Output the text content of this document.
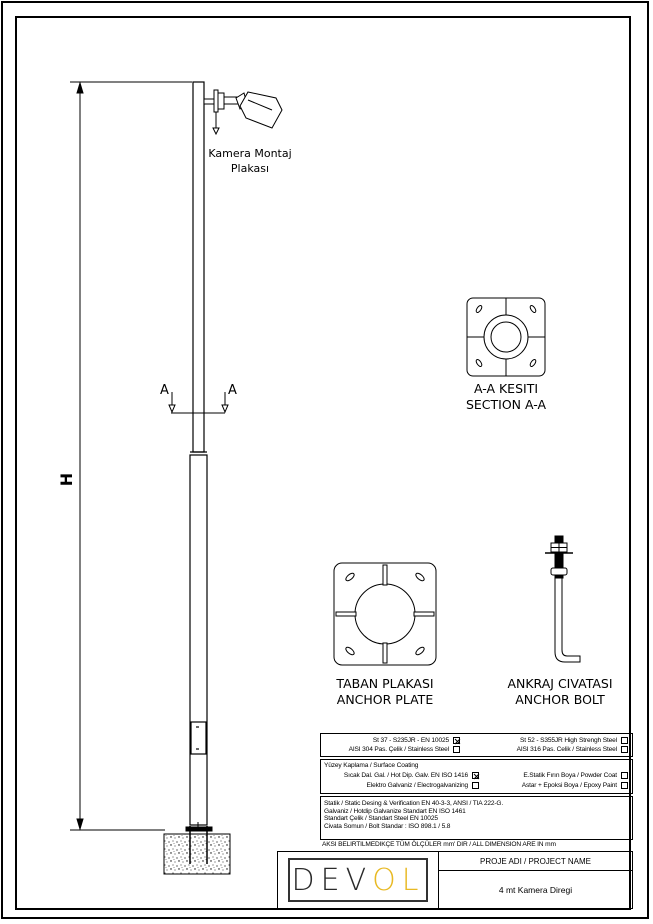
H
A	A
Kamera Montaj
Plakası
A-A KESITI
SECTION A-A
TABAN PLAKASI
ANCHOR PLATE
ANKRAJ CIVATASI
ANCHOR BOLT
St 37 - S235JR - EN 10025	St 52 - S355JR High Strengh Steel
AISI 304 Pas. Çelik / Stainless Steel	AISI 316 Pas. Celik / Stainless Steel
Yüzey Kaplama / Surface Coating
Sıcak Dal. Gal. / Hot Dip. Galv. EN ISO 1416	E.Statik Fırın Boya / Powder Coat
Elektro Galvaniz / Electrogalvanizing	Astar + Epoksi Boya / Epoxy Paint
Statik / Static Desing & Verification EN 40-3-3, ANSI / TIA 222-G.
Galvaniz / Hotdip Galvanize Standart EN ISO 1461
Standart Çelik / Standart Steel EN 10025
Civata Somun / Bolt Standar : ISO 898.1 / 5.8
AKSI BELIRTILMEDIKÇE TÜM ÖLÇÜLER mm' DIR / ALL DIMENSION ARE IN mm
DEV OL
PROJE ADI / PROJECT NAME
4 mt Kamera Diregi
